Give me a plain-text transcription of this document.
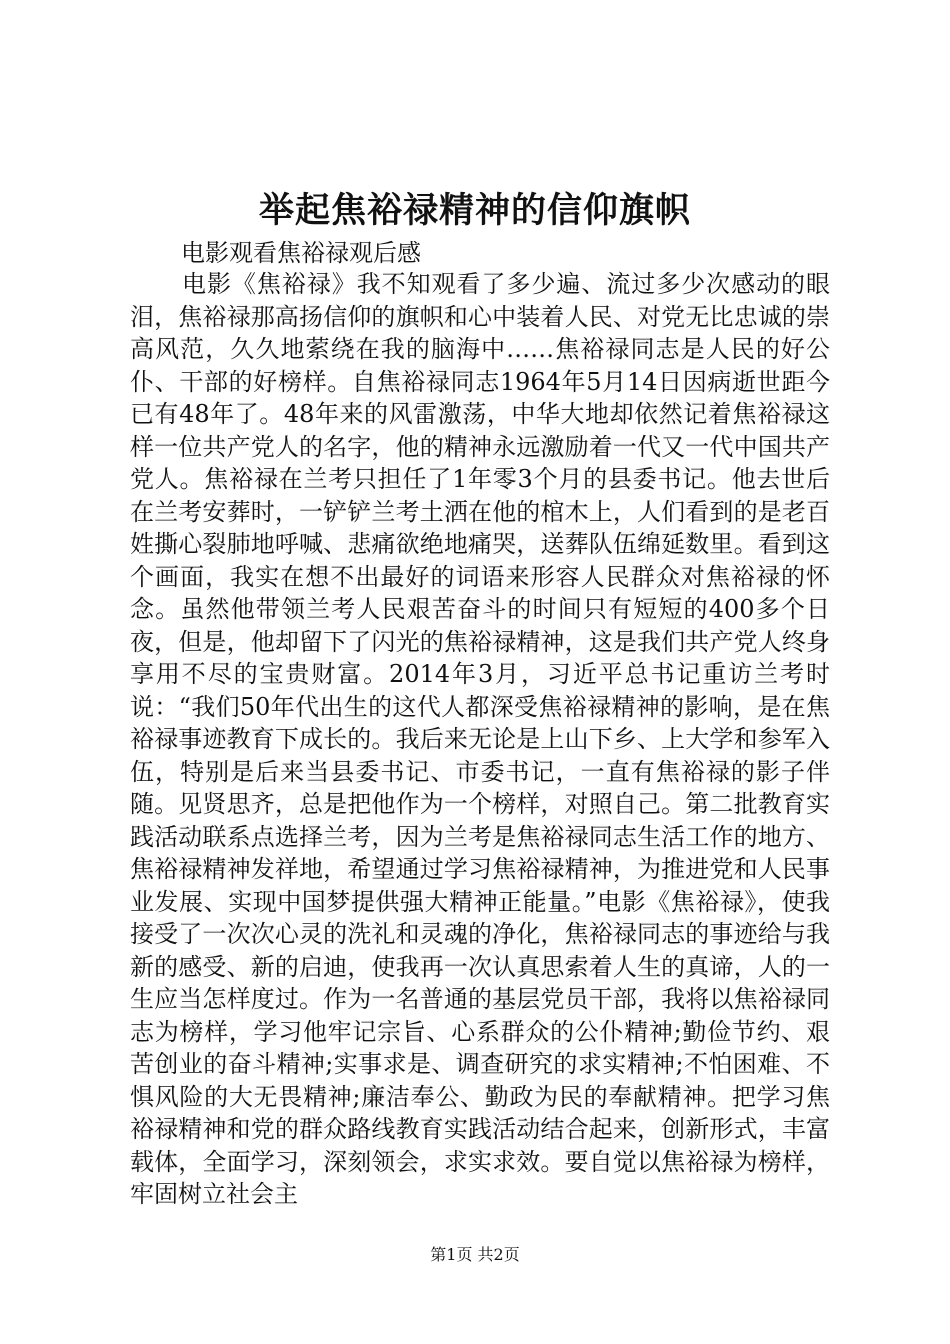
举起焦裕禄精神的信仰旗帜
电影观看焦裕禄观后感

电影《焦裕禄》我不知观看了多少遍、流过多少次感动的眼泪，焦裕禄那高扬信仰的旗帜和心中装着人民、对党无比忠诚的崇高风范，久久地萦绕在我的脑海中……焦裕禄同志是人民的好公仆、干部的好榜样。自焦裕禄同志1964年5月14日因病逝世距今已有48年了。48年来的风雷激荡，中华大地却依然记着焦裕禄这样一位共产党人的名字，他的精神永远激励着一代又一代中国共产党人。焦裕禄在兰考只担任了1年零3个月的县委书记。他去世后在兰考安葬时，一铲铲兰考土洒在他的棺木上，人们看到的是老百姓撕心裂肺地呼喊、悲痛欲绝地痛哭，送葬队伍绵延数里。看到这个画面，我实在想不出最好的词语来形容人民群众对焦裕禄的怀念。虽然他带领兰考人民艰苦奋斗的时间只有短短的400多个日夜，但是，他却留下了闪光的焦裕禄精神，这是我们共产党人终身享用不尽的宝贵财富。2014年3月，习近平总书记重访兰考时说：“我们50年代出生的这代人都深受焦裕禄精神的影响，是在焦裕禄事迹教育下成长的。我后来无论是上山下乡、上大学和参军入伍，特别是后来当县委书记、市委书记，一直有焦裕禄的影子伴随。见贤思齐，总是把他作为一个榜样，对照自己。第二批教育实践活动联系点选择兰考，因为兰考是焦裕禄同志生活工作的地方、焦裕禄精神发祥地，希望通过学习焦裕禄精神，为推进党和人民事业发展、实现中国梦提供强大精神正能量。”电影《焦裕禄》，使我接受了一次次心灵的洗礼和灵魂的净化，焦裕禄同志的事迹给与我新的感受、新的启迪，使我再一次认真思索着人生的真谛，人的一生应当怎样度过。作为一名普通的基层党员干部，我将以焦裕禄同志为榜样，学习他牢记宗旨、心系群众的公仆精神;勤俭节约、艰苦创业的奋斗精神;实事求是、调查研究的求实精神;不怕困难、不惧风险的大无畏精神;廉洁奉公、勤政为民的奉献精神。把学习焦裕禄精神和党的群众路线教育实践活动结合起来，创新形式，丰富载体，全面学习，深刻领会，求实求效。要自觉以焦裕禄为榜样，牢固树立社会主

第1页 共2页
